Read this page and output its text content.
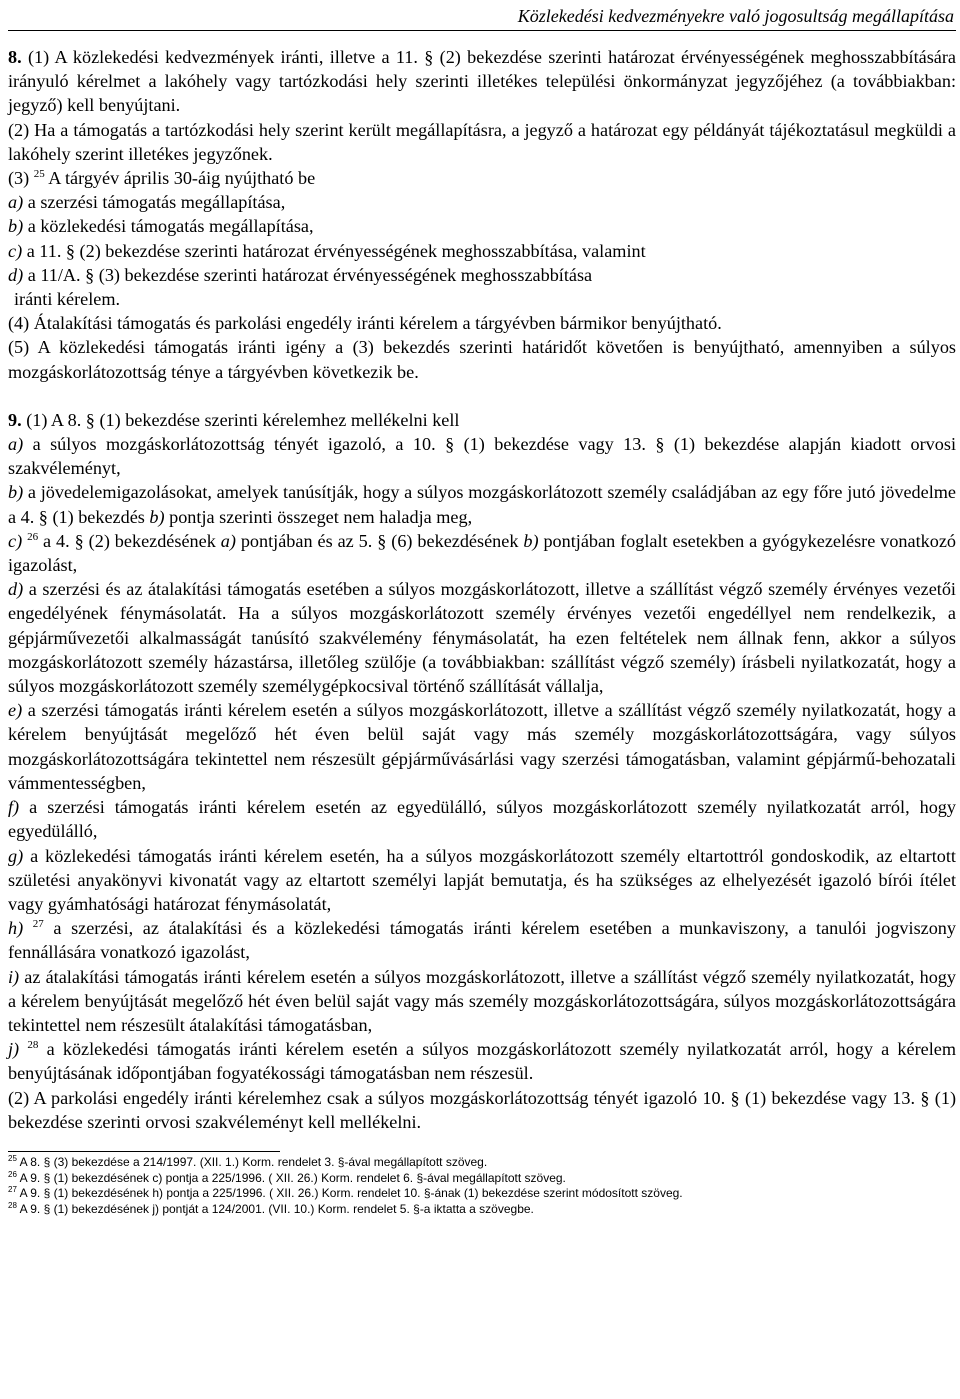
Közlekedési kedvezményekre való jogosultság megállapítása

8. (1) A közlekedési kedvezmények iránti, illetve a 11. § (2) bekezdése szerinti határozat érvényességének meghosszabbítására irányuló kérelmet a lakóhely vagy tartózkodási hely szerinti illetékes települési önkormányzat jegyzőjéhez (a továbbiakban: jegyző) kell benyújtani.

(2) Ha a támogatás a tartózkodási hely szerint került megállapításra, a jegyző a határozat egy példányát tájékoztatásul megküldi a lakóhely szerint illetékes jegyzőnek.

(3) $^{25}$ A tárgyév április 30-áig nyújtható be

a) a szerzési támogatás megállapítása,

b) a közlekedési támogatás megállapítása,

c) a 11. § (2) bekezdése szerinti határozat érvényességének meghosszabbítása, valamint

d) a 11/A. § (3) bekezdése szerinti határozat érvényességének meghosszabbítása

iránti kérelem.

(4) Átalakítási támogatás és parkolási engedély iránti kérelem a tárgyévben bármikor benyújtható.

(5) A közlekedési támogatás iránti igény a (3) bekezdés szerinti határidőt követően is benyújtható, amennyiben a súlyos mozgáskorlátozottság ténye a tárgyévben következik be.

9. (1) A 8. § (1) bekezdése szerinti kérelemhez mellékelni kell

a) a súlyos mozgáskorlátozottság tényét igazoló, a 10. § (1) bekezdése vagy 13. § (1) bekezdése alapján kiadott orvosi szakvéleményt,

b) a jövedelemigazolásokat, amelyek tanúsítják, hogy a súlyos mozgáskorlátozott személy családjában az egy főre jutó jövedelme a 4. § (1) bekezdés b) pontja szerinti összeget nem haladja meg,

c) $^{26}$ a 4. § (2) bekezdésének a) pontjában és az 5. § (6) bekezdésének b) pontjában foglalt esetekben a gyógykezelésre vonatkozó igazolást,

d) a szerzési és az átalakítási támogatás esetében a súlyos mozgáskorlátozott, illetve a szállítást végző személy érvényes vezetői engedélyének fénymásolatát. Ha a súlyos mozgáskorlátozott személy érvényes vezetői engedéllyel nem rendelkezik, a gépjárművezetői alkalmasságát tanúsító szakvélemény fénymásolatát, ha ezen feltételek nem állnak fenn, akkor a súlyos mozgáskorlátozott személy házastársa, illetőleg szülője (a továbbiakban: szállítást végző személy) írásbeli nyilatkozatát, hogy a súlyos mozgáskorlátozott személy személygépkocsival történő szállítását vállalja,

e) a szerzési támogatás iránti kérelem esetén a súlyos mozgáskorlátozott, illetve a szállítást végző személy nyilatkozatát, hogy a kérelem benyújtását megelőző hét éven belül saját vagy más személy mozgáskorlátozottságára, vagy súlyos mozgáskorlátozottságára tekintettel nem részesült gépjárművásárlási vagy szerzési támogatásban, valamint gépjármű-behozatali vámmentességben,

f) a szerzési támogatás iránti kérelem esetén az egyedülálló, súlyos mozgáskorlátozott személy nyilatkozatát arról, hogy egyedülálló,

g) a közlekedési támogatás iránti kérelem esetén, ha a súlyos mozgáskorlátozott személy eltartottról gondoskodik, az eltartott születési anyakönyvi kivonatát vagy az eltartott személyi lapját bemutatja, és ha szükséges az elhelyezését igazoló bírói ítélet vagy gyámhatósági határozat fénymásolatát,

h) $^{27}$ a szerzési, az átalakítási és a közlekedési támogatás iránti kérelem esetében a munkaviszony, a tanulói jogviszony fennállására vonatkozó igazolást,

i) az átalakítási támogatás iránti kérelem esetén a súlyos mozgáskorlátozott, illetve a szállítást végző személy nyilatkozatát, hogy a kérelem benyújtását megelőző hét éven belül saját vagy más személy mozgáskorlátozottságára, súlyos mozgáskorlátozottságára tekintettel nem részesült átalakítási támogatásban,

j) $^{28}$ a közlekedési támogatás iránti kérelem esetén a súlyos mozgáskorlátozott személy nyilatkozatát arról, hogy a kérelem benyújtásának időpontjában fogyatékossági támogatásban nem részesül.

(2) A parkolási engedély iránti kérelemhez csak a súlyos mozgáskorlátozottság tényét igazoló 10. § (1) bekezdése vagy 13. § (1) bekezdése szerinti orvosi szakvéleményt kell mellékelni.

$^{25}$ A 8. § (3) bekezdése a 214/1997. (XII. 1.) Korm. rendelet 3. §-ával megállapított szöveg.

$^{26}$ A 9. § (1) bekezdésének c) pontja a 225/1996. ( XII. 26.) Korm. rendelet 6. §-ával megállapított szöveg.

$^{27}$ A 9. § (1) bekezdésének h) pontja a 225/1996. ( XII. 26.) Korm. rendelet 10. §-ának (1) bekezdése szerint módosított szöveg.

$^{28}$ A 9. § (1) bekezdésének j) pontját a 124/2001. (VII. 10.) Korm. rendelet 5. §-a iktatta a szövegbe.
